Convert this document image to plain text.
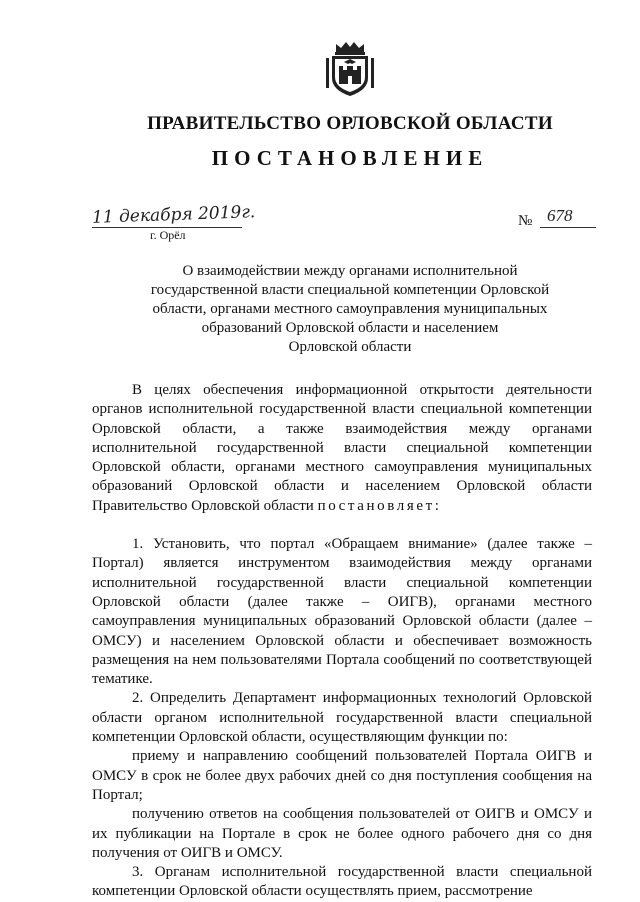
ПРАВИТЕЛЬСТВО ОРЛОВСКОЙ ОБЛАСТИ
ПОСТАНОВЛЕНИЕ
11 декабря 2019г.
г. Орёл
№ 678
О взаимодействии между органами исполнительной
государственной власти специальной компетенции Орловской
области, органами местного самоуправления муниципальных
образований Орловской области и населением
Орловской области

В целях обеспечения информационной открытости деятельности органов исполнительной государственной власти специальной компетенции Орловской области, а также взаимодействия между органами исполнительной государственной власти специальной компетенции Орловской области, органами местного самоуправления муниципальных образований Орловской области и населением Орловской области Правительство Орловской области постановляет:

1. Установить, что портал «Обращаем внимание» (далее также – Портал) является инструментом взаимодействия между органами исполнительной государственной власти специальной компетенции Орловской области (далее также – ОИГВ), органами местного самоуправления муниципальных образований Орловской области (далее – ОМСУ) и населением Орловской области и обеспечивает возможность размещения на нем пользователями Портала сообщений по соответствующей тематике.

2. Определить Департамент информационных технологий Орловской области органом исполнительной государственной власти специальной компетенции Орловской области, осуществляющим функции по:

приему и направлению сообщений пользователей Портала ОИГВ и ОМСУ в срок не более двух рабочих дней со дня поступления сообщения на Портал;

получению ответов на сообщения пользователей от ОИГВ и ОМСУ и их публикации на Портале в срок не более одного рабочего дня со дня получения от ОИГВ и ОМСУ.

3. Органам исполнительной государственной власти специальной компетенции Орловской области осуществлять прием, рассмотрение
